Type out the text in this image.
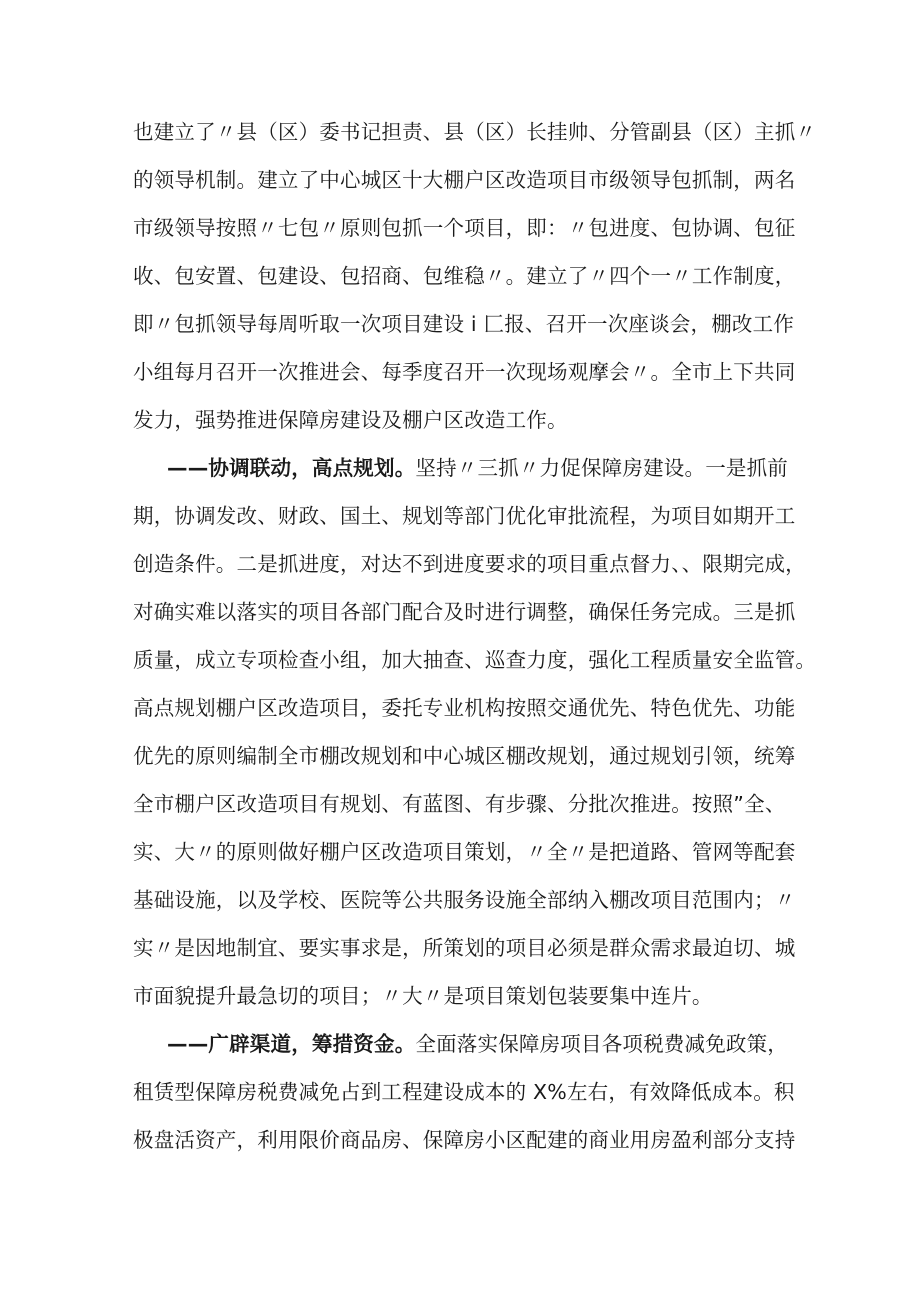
也建立了〃县（区）委书记担责、县（区）长挂帅、分管副县（区）主抓〃
的领导机制。建立了中心城区十大棚户区改造项目市级领导包抓制，两名
市级领导按照〃七包〃原则包抓一个项目，即：〃包进度、包协调、包征
收、包安置、包建设、包招商、包维稳〃。建立了〃四个一〃工作制度，
即〃包抓领导每周听取一次项目建设 i 匚报、召开一次座谈会，棚改工作
小组每月召开一次推进会、每季度召开一次现场观摩会〃。全市上下共同
发力，强势推进保障房建设及棚户区改造工作。
——协调联动，高点规划。坚持〃三抓〃力促保障房建设。一是抓前
期，协调发改、财政、国土、规划等部门优化审批流程，为项目如期开工
创造条件。二是抓进度，对达不到进度要求的项目重点督力、、限期完成，
对确实难以落实的项目各部门配合及时进行调整，确保任务完成。三是抓
质量，成立专项检查小组，加大抽查、巡查力度，强化工程质量安全监管。
高点规划棚户区改造项目，委托专业机构按照交通优先、特色优先、功能
优先的原则编制全市棚改规划和中心城区棚改规划，通过规划引领，统筹
全市棚户区改造项目有规划、有蓝图、有步骤、分批次推进。按照”全、
实、大〃的原则做好棚户区改造项目策划，〃全〃是把道路、管网等配套
基础设施，以及学校、医院等公共服务设施全部纳入棚改项目范围内；〃
实〃是因地制宜、要实事求是，所策划的项目必须是群众需求最迫切、城
市面貌提升最急切的项目；〃大〃是项目策划包装要集中连片。
——广辟渠道，筹措资金。全面落实保障房项目各项税费减免政策，
租赁型保障房税费减免占到工程建设成本的 X%左右，有效降低成本。积
极盘活资产，利用限价商品房、保障房小区配建的商业用房盈利部分支持
